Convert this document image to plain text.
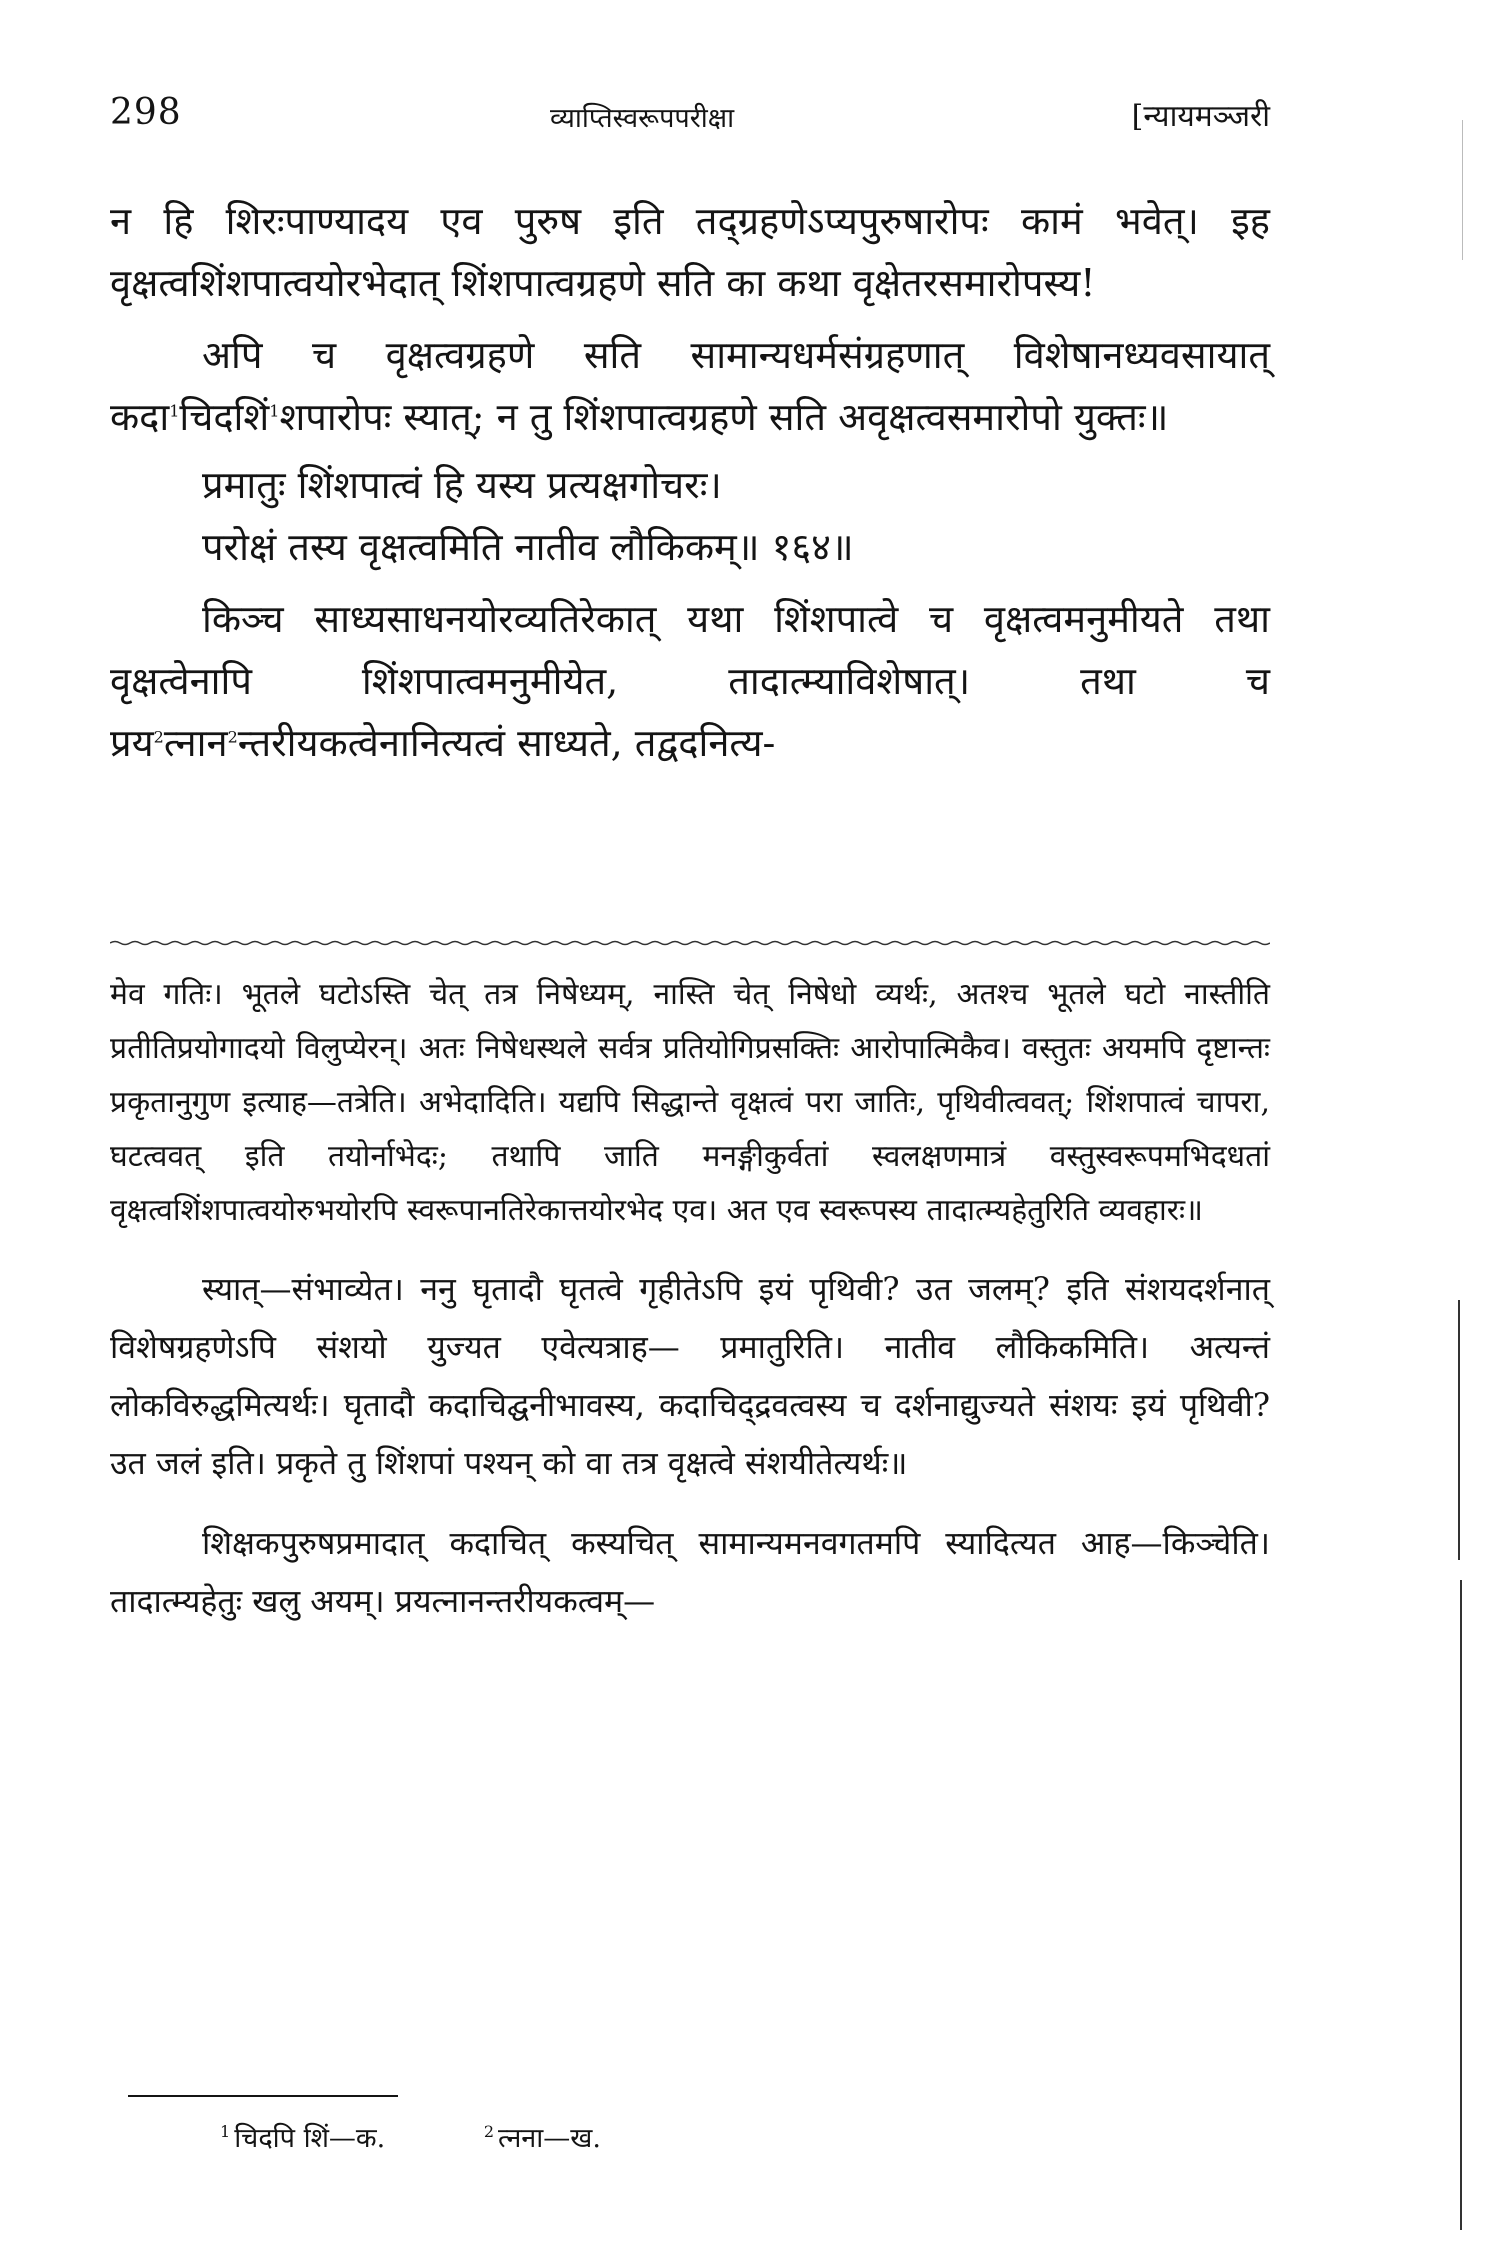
298	व्याप्तिस्वरूपपरीक्षा	[न्यायमञ्जरी

न हि शिरःपाण्यादय एव पुरुष इति तद्ग्रहणेऽप्यपुरुषारोपः कामं भवेत्। इह वृक्षत्वशिंशपात्वयोरभेदात् शिंशपात्वग्रहणे सति का कथा वृक्षेतरसमारोपस्य!

अपि च वृक्षत्वग्रहणे सति सामान्यधर्मसंग्रहणात् विशेषानध्यवसायात् कदा$^1$चिदशिं$^1$शपारोपः स्यात्; न तु शिंशपात्वग्रहणे सति अवृक्षत्वसमारोपो युक्तः॥

प्रमातुः शिंशपात्वं हि यस्य प्रत्यक्षगोचरः।
परोक्षं तस्य वृक्षत्वमिति नातीव लौकिकम्॥ १६४॥

किञ्च साध्यसाधनयोरव्यतिरेकात् यथा शिंशपात्वे च वृक्षत्वमनुमीयते तथा वृक्षत्वेनापि शिंशपात्वमनुमीयेत, तादात्म्याविशेषात्। तथा च प्रय$^2$त्नान$^2$न्तरीयकत्वेनानित्यत्वं साध्यते, तद्वदनित्य-

मेव गतिः। भूतले घटोऽस्ति चेत् तत्र निषेध्यम्, नास्ति चेत् निषेधो व्यर्थः, अतश्च भूतले घटो नास्तीति प्रतीतिप्रयोगादयो विलुप्येरन्। अतः निषेधस्थले सर्वत्र प्रतियोगिप्रसक्तिः आरोपात्मिकैव। वस्तुतः अयमपि दृष्टान्तः प्रकृतानुगुण इत्याह—तत्रेति। अभेदादिति। यद्यपि सिद्धान्ते वृक्षत्वं परा जातिः, पृथिवीत्ववत्; शिंशपात्वं चापरा, घटत्ववत् इति तयोर्नाभेदः; तथापि जाति मनङ्गीकुर्वतां स्वलक्षणमात्रं वस्तुस्वरूपमभिदधतां वृक्षत्वशिंशपात्वयोरुभयोरपि स्वरूपानतिरेकात्तयोरभेद एव। अत एव स्वरूपस्य तादात्म्यहेतुरिति व्यवहारः॥

स्यात्—संभाव्येत। ननु घृतादौ घृतत्वे गृहीतेऽपि इयं पृथिवी? उत जलम्? इति संशयदर्शनात् विशेषग्रहणेऽपि संशयो युज्यत एवेत्यत्राह— प्रमातुरिति। नातीव लौकिकमिति। अत्यन्तं लोकविरुद्धमित्यर्थः। घृतादौ कदाचिद्घनीभावस्य, कदाचिद्द्रवत्वस्य च दर्शनाद्युज्यते संशयः इयं पृथिवी? उत जलं इति। प्रकृते तु शिंशपां पश्यन् को वा तत्र वृक्षत्वे संशयीतेत्यर्थः॥

शिक्षकपुरुषप्रमादात् कदाचित् कस्यचित् सामान्यमनवगतमपि स्यादित्यत आह—किञ्चेति। तादात्म्यहेतुः खलु अयम्। प्रयत्नानन्तरीयकत्वम्—

$^1$ चिदपि शिं—क.	$^2$ त्नना—ख.
